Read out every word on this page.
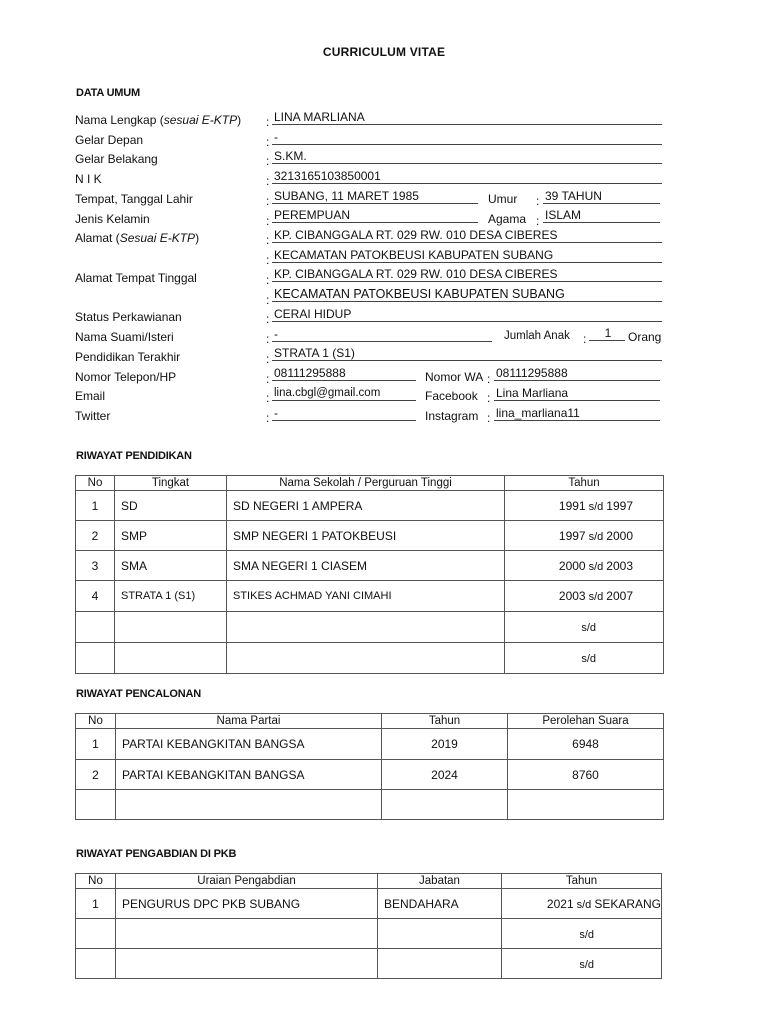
CURRICULUM VITAE
DATA UMUM
Nama Lengkap (sesuai E-KTP) : LINA MARLIANA
Gelar Depan	: -
Gelar Belakang	: S.KM.
N I K	: 3213165103850001
Tempat, Tanggal Lahir	: SUBANG, 11 MARET 1985	Umur : 39 TAHUN
Jenis Kelamin	: PEREMPUAN	Agama : ISLAM
Alamat (Sesuai E-KTP)	: KP. CIBANGGALA RT. 029 RW. 010 DESA CIBERES
: KECAMATAN PATOKBEUSI KABUPATEN SUBANG
Alamat Tempat Tinggal	: KP. CIBANGGALA RT. 029 RW. 010 DESA CIBERES
: KECAMATAN PATOKBEUSI KABUPATEN SUBANG
Status Perkawianan	: CERAI HIDUP
Nama Suami/Isteri	: -	Jumlah Anak :	1	Orang
Pendidikan Terakhir	: STRATA 1 (S1)
Nomor Telepon/HP	: 08111295888	Nomor WA : 08111295888
Email	: lina.cbgl@gmail.com	Facebook : Lina Marliana
Twitter	: -	Instagram : lina_marliana11
RIWAYAT PENDIDIKAN
No	Tingkat	Nama Sekolah / Perguruan Tinggi	Tahun
1	SD	SD NEGERI 1 AMPERA	1991 s/d 1997
2	SMP	SMP NEGERI 1 PATOKBEUSI	1997 s/d 2000
3	SMA	SMA NEGERI 1 CIASEM	2000 s/d 2003
4	STRATA 1 (S1)	STIKES ACHMAD YANI CIMAHI	2003 s/d 2007
			s/d
			s/d
RIWAYAT PENCALONAN
No	Nama Partai	Tahun	Perolehan Suara
1	PARTAI KEBANGKITAN BANGSA	2019	6948
2	PARTAI KEBANGKITAN BANGSA	2024	8760

RIWAYAT PENGABDIAN DI PKB
No	Uraian Pengabdian	Jabatan	Tahun
1	PENGURUS DPC PKB SUBANG	BENDAHARA	2021 s/d SEKARANG
			s/d
			s/d
